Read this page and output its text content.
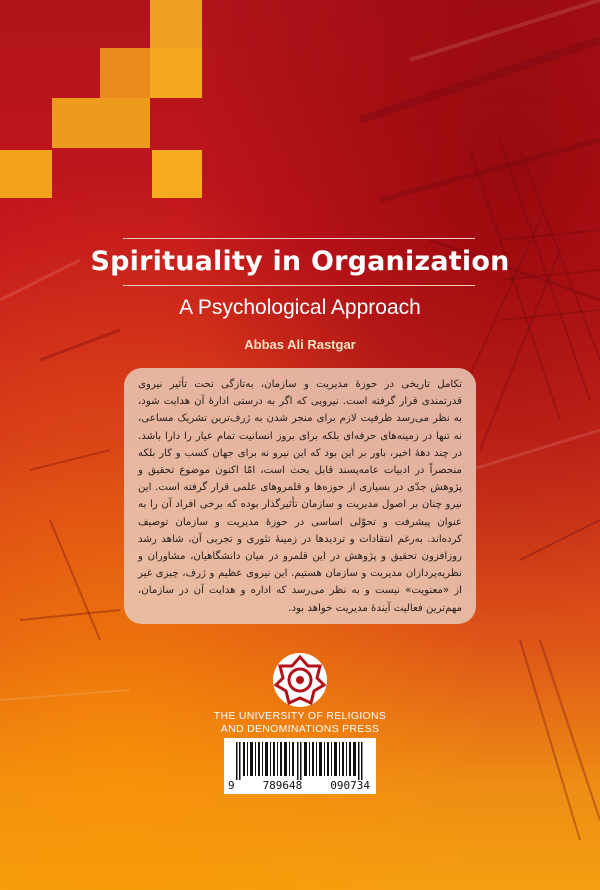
Spirituality in Organization
A Psychological Approach
Abbas Ali Rastgar

تکامل تاریخی در حوزهٔ مدیریت و سازمان، به‌تازگی تحت تأثیر نیروی قدرتمندی قرار گرفته است. نیرویی که اگر به درستی ادارهٔ آن هدایت شود، به نظر می‌رسد ظرفیت لازم برای منجر شدن به ژرف‌ترین تشریک مساعی، نه تنها در زمینه‌های حرفه‌ای بلکه برای بروز انسانیت تمام عیار را دارا باشد. در چند دههٔ اخیر، باور بر این بود که این نیرو نه برای جهان کسب و کار بلکه منحصراً در ادبیات عامه‌پسند قابل بحث است، امّا اکنون موضوع تحقیق و پژوهش جدّی در بسیاری از حوزه‌ها و قلمروهای علمی قرار گرفته است. این نیرو چنان بر اصول مدیریت و سازمان تأثیرگذار بوده که برخی افراد آن را به عنوان پیشرفت و تحوّلی اساسی در حوزهٔ مدیریت و سازمان توصیف کرده‌اند. به‌رغم انتقادات و تردیدها در زمینهٔ تئوری و تجربی آن، شاهد رشد روزافزون تحقیق و پژوهش در این قلمرو در میان دانشگاهیان، مشاوران و نظریه‌پردازان مدیریت و سازمان هستیم. این نیروی عظیم و ژرف، چیزی غیر از «معنویت» نیست و به نظر می‌رسد که اداره و هدایت آن در سازمان، مهم‌ترین فعالیت آیندهٔ مدیریت خواهد بود.

THE UNIVERSITY OF RELIGIONS
AND DENOMINATIONS PRESS
9	789648	090734
